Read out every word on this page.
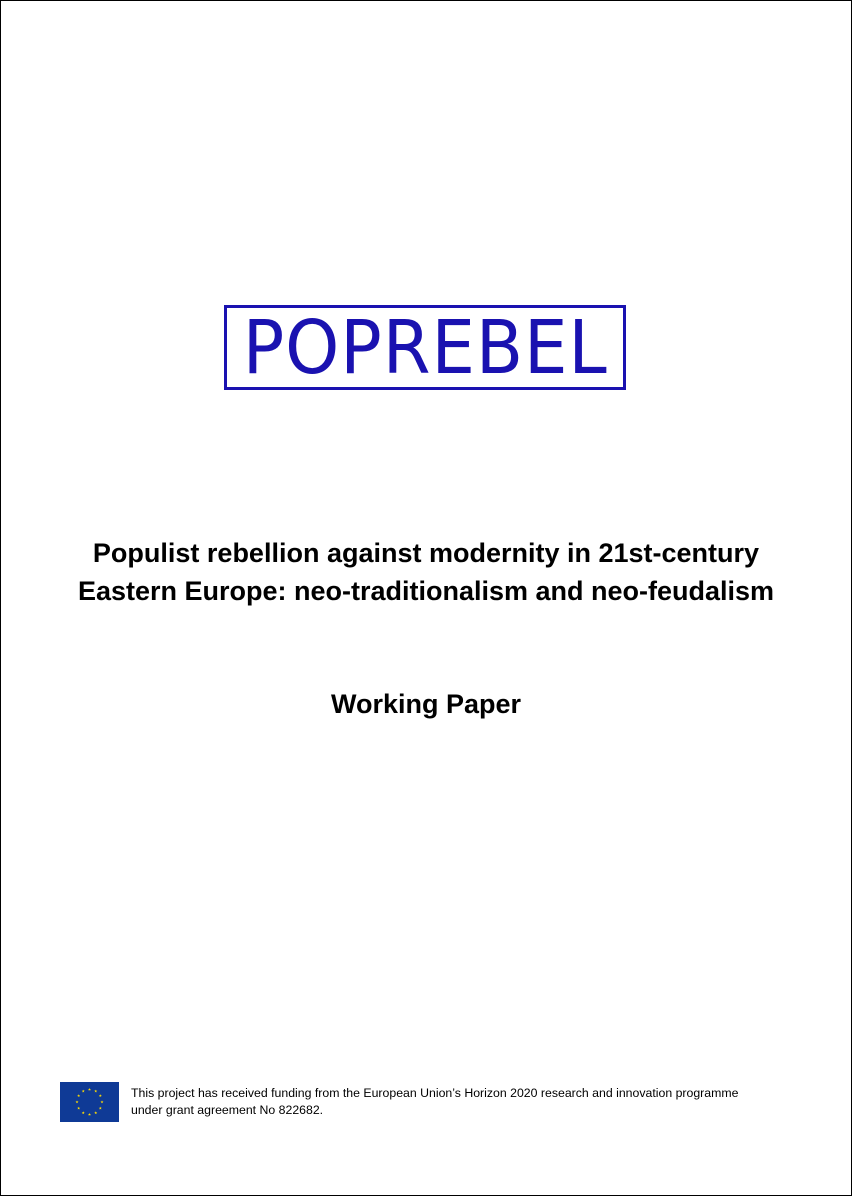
POPREBEL
Populist rebellion against modernity in 21st-century
Eastern Europe: neo-traditionalism and neo-feudalism
Working Paper
This project has received funding from the European Union’s Horizon 2020 research and innovation programme
under grant agreement No 822682.
